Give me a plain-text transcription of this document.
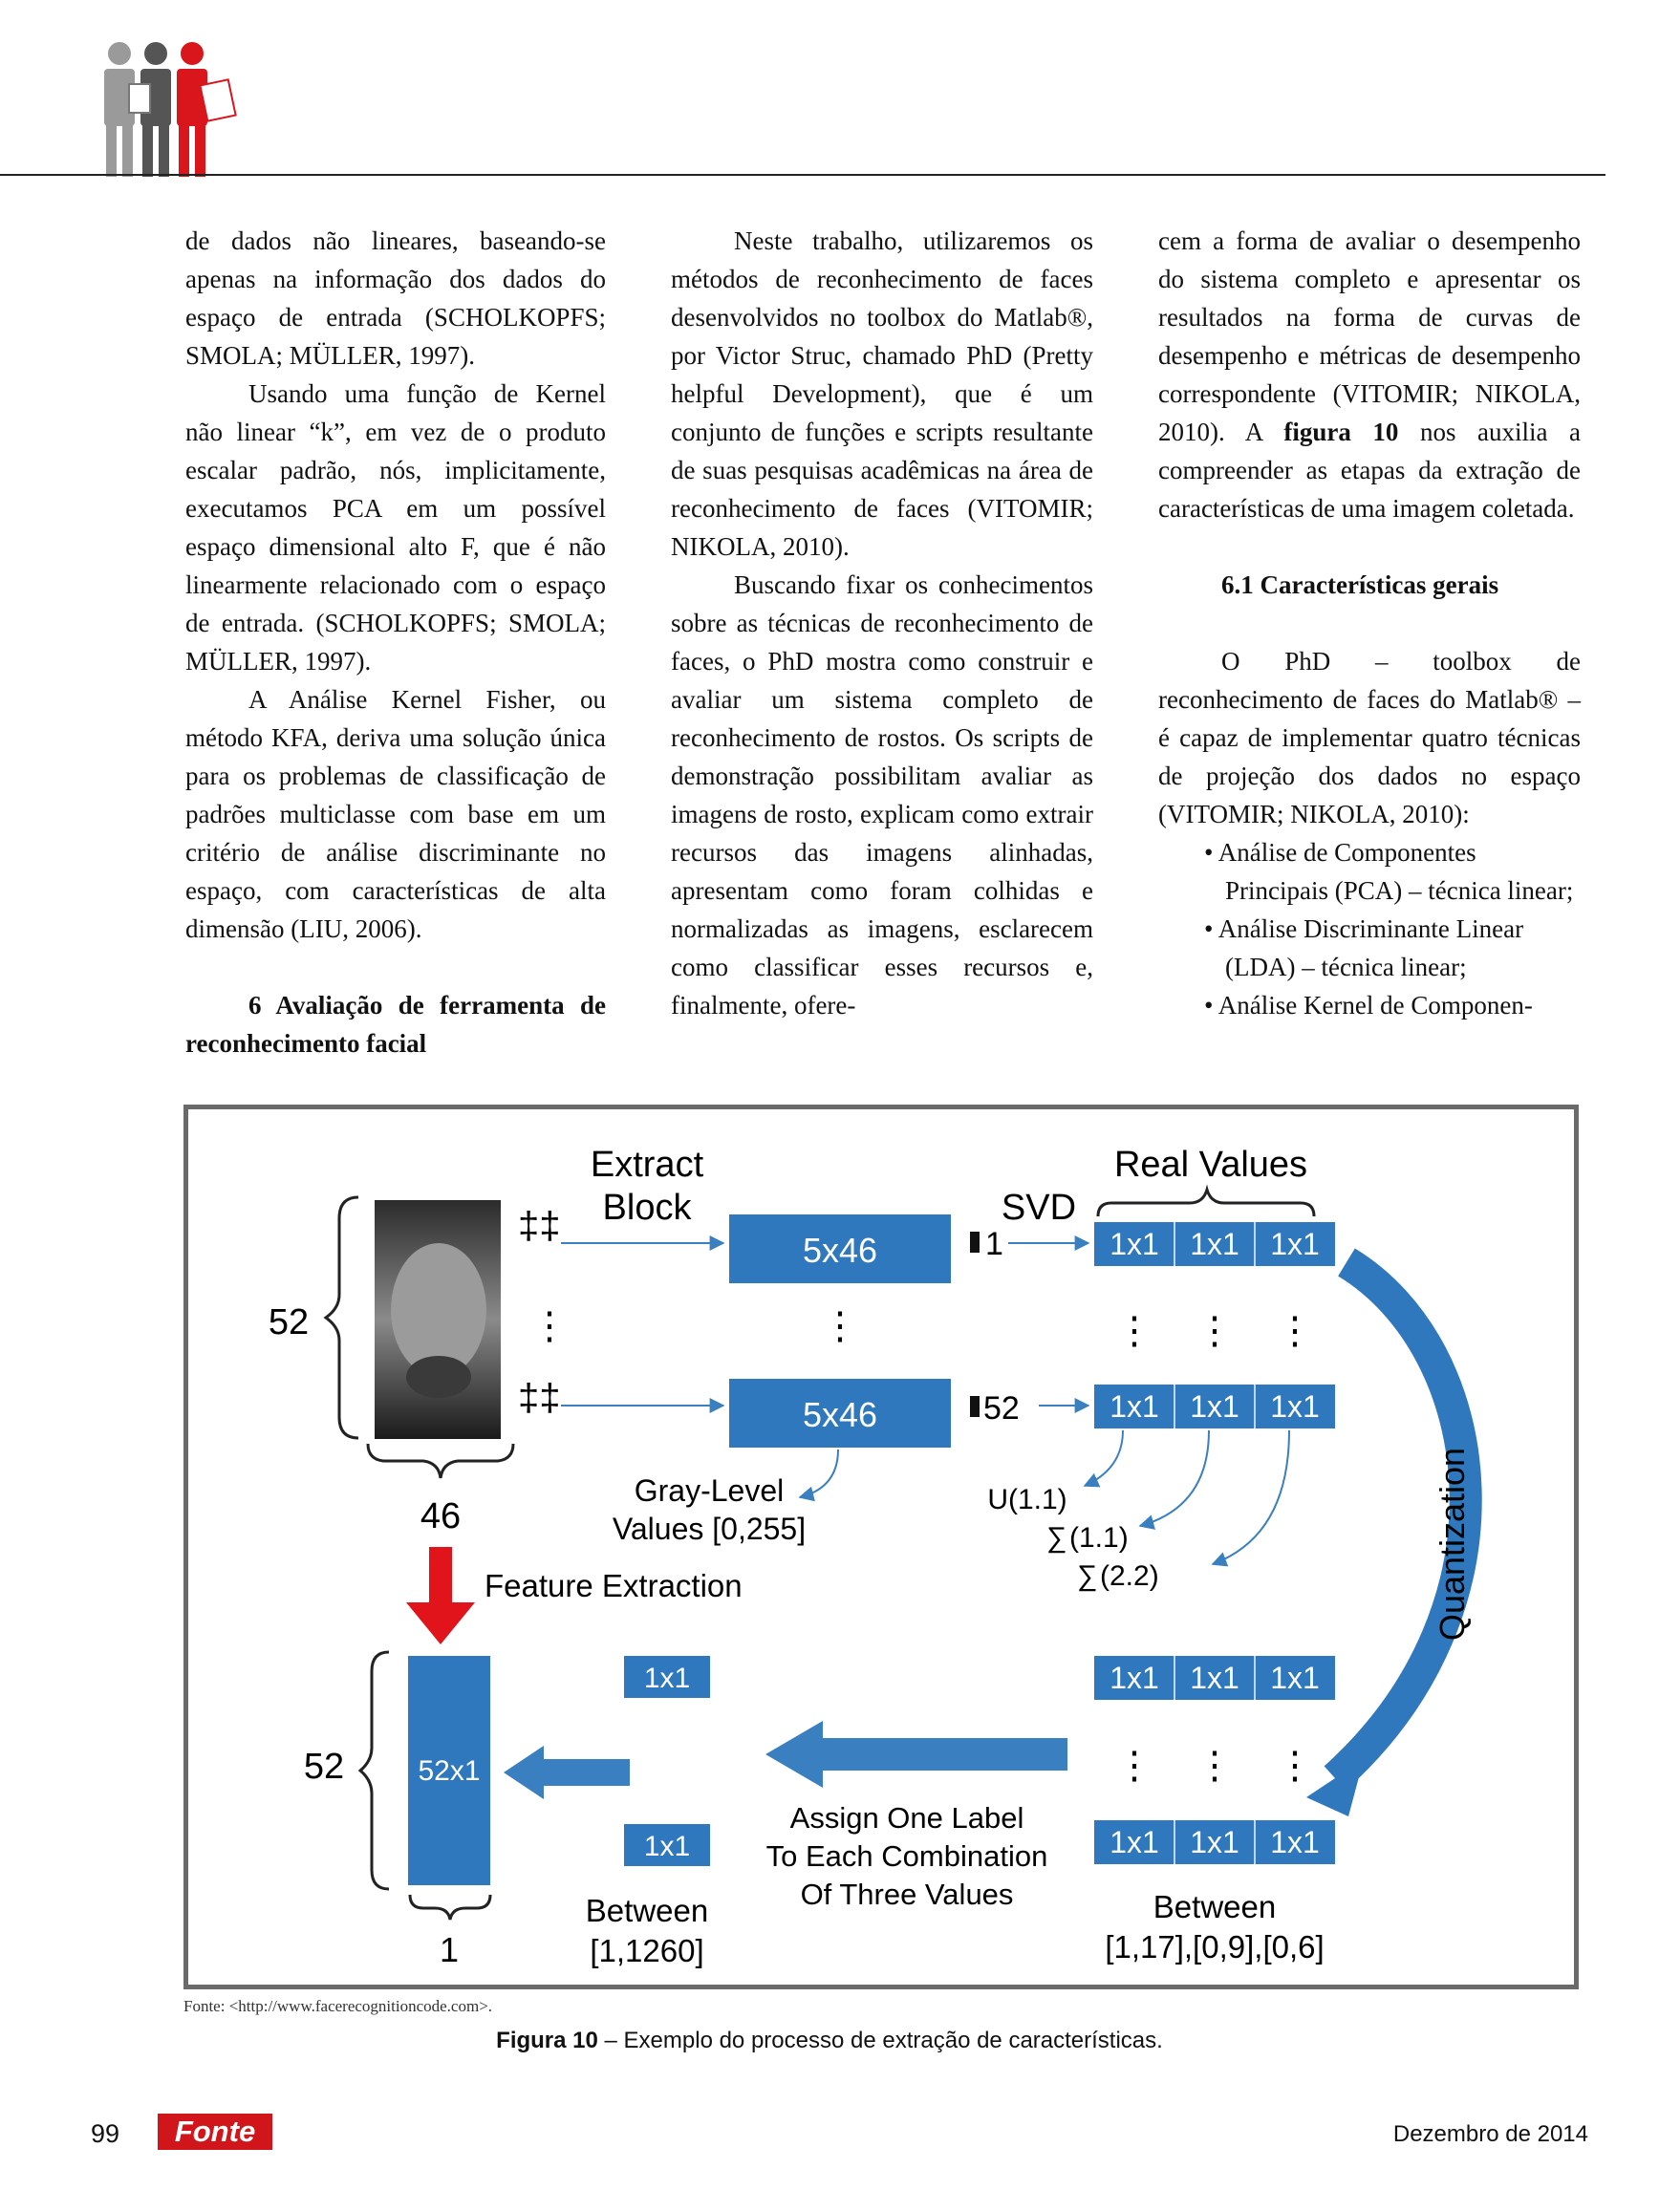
de dados não lineares, baseando-se apenas na informação dos dados do espaço de entrada (SCHOLKOPFS; SMOLA; MÜLLER, 1997).

Usando uma função de Kernel não linear “k”, em vez de o produto escalar padrão, nós, implicitamente, executamos PCA em um possível espaço dimensional alto F, que é não linearmente relacionado com o espaço de entrada. (SCHOLKOPFS; SMOLA; MÜLLER, 1997).

A Análise Kernel Fisher, ou método KFA, deriva uma solução única para os problemas de classificação de padrões multiclasse com base em um critério de análise discriminante no espaço, com características de alta dimensão (LIU, 2006).

6 Avaliação de ferramenta de reconhecimento facial

Neste trabalho, utilizaremos os métodos de reconhecimento de faces desenvolvidos no toolbox do Matlab®, por Victor Struc, chamado PhD (Pretty helpful Development), que é um conjunto de funções e scripts resultante de suas pesquisas acadêmicas na área de reconhecimento de faces (VITOMIR; NIKOLA, 2010).

Buscando fixar os conhecimentos sobre as técnicas de reconhecimento de faces, o PhD mostra como construir e avaliar um sistema completo de reconhecimento de rostos. Os scripts de demonstração possibilitam avaliar as imagens de rosto, explicam como extrair recursos das imagens alinhadas, apresentam como foram colhidas e normalizadas as imagens, esclarecem como classificar esses recursos e, finalmente, ofere-

cem a forma de avaliar o desempenho do sistema completo e apresentar os resultados na forma de curvas de desempenho e métricas de desempenho correspondente (VITOMIR; NIKOLA, 2010). A figura 10 nos auxilia a compreender as etapas da extração de características de uma imagem coletada.

6.1 Características gerais

O PhD – toolbox de reconhecimento de faces do Matlab® – é capaz de implementar quatro técnicas de projeção dos dados no espaço (VITOMIR; NIKOLA, 2010):

• Análise de Componentes Principais (PCA) – técnica linear;

• Análise Discriminante Linear (LDA) – técnica linear;

• Análise Kernel de Componen-

Extract
Block	SVD
Real Values
52
46
‡‡
‡‡
⋮
5x46
⋮
5x46
1
52
1x1 1x1 1x1
⋮ ⋮ ⋮
1x1 1x1 1x1
Gray-Level
Values [0,255]
U(1.1)
∑ (1.1)
∑ (2.2)	Quantization
Feature Extraction
52	52x1
1
1x1
1x1
Between
[1,1260]
Assign One Label
To Each Combination
Of Three Values
1x1 1x1 1x1
⋮ ⋮ ⋮
1x1 1x1 1x1
Between
[1,17],[0,9],[0,6]
Fonte: <http://www.facerecognitioncode.com>.
Figura 10 – Exemplo do processo de extração de características.
99	Fonte	Dezembro de 2014
